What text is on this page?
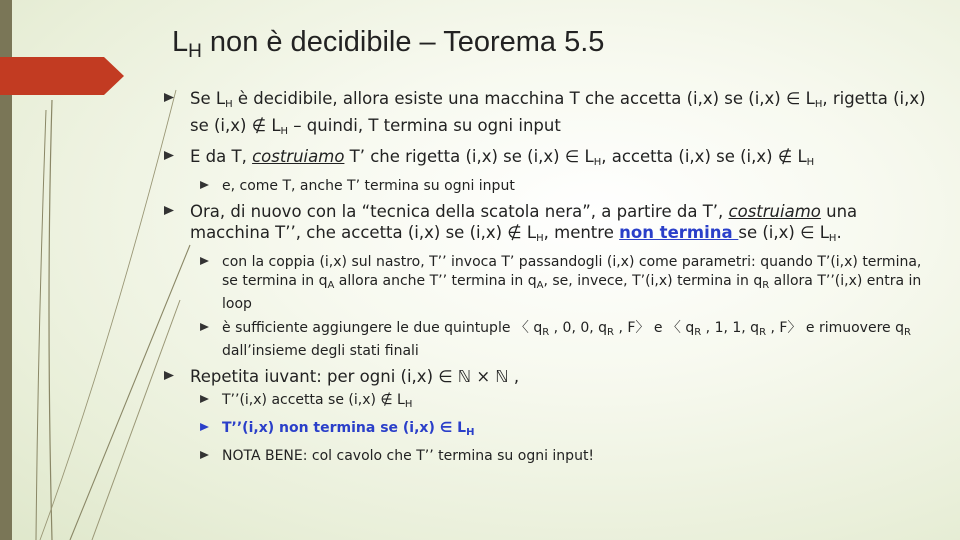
$L_H$ non è decidibile – Teorema 5.5
Se $L_H$ è decidibile, allora esiste una macchina T che accetta (i,x) se (i,x) ∈ $L_H$, rigetta (i,x) se (i,x) ∉ $L_H$ – quindi, T termina su ogni input
E da T, costruiamo T’ che rigetta (i,x) se (i,x) ∈ $L_H$, accetta (i,x) se (i,x) ∉ $L_H$
e, come T, anche T’ termina su ogni input
Ora, di nuovo con la “tecnica della scatola nera”, a partire da T’, costruiamo una macchina T’’, che accetta (i,x) se (i,x) ∉ $L_H$, mentre non termina se (i,x) ∈ $L_H$.
con la coppia (i,x) sul nastro, T’’ invoca T’ passandogli (i,x) come parametri: quando T’(i,x) termina, se termina in $q_A$ allora anche T’’ termina in $q_A$, se, invece, T’(i,x) termina in $q_R$ allora T’’(i,x) entra in loop
è sufficiente aggiungere le due quintuple 〈 $q_R$ , 0, 0, $q_R$ , F〉 e 〈 $q_R$ , 1, 1, $q_R$ , F〉 e rimuovere $q_R$ dall’insieme degli stati finali
Repetita iuvant: per ogni (i,x) ∈ ℕ × ℕ ,
T’’(i,x) accetta se (i,x) ∉ $L_H$
T’’(i,x) non termina se (i,x) ∈ $L_H$
NOTA BENE: col cavolo che T’’ termina su ogni input!
